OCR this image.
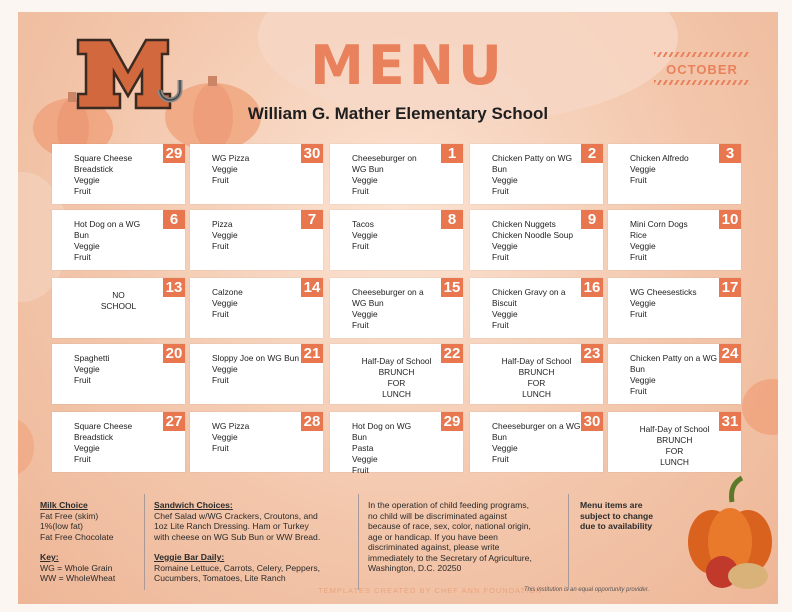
MENU	OCTOBER
William G. Mather Elementary School
29
Square Cheese
Breadstick
Veggie
Fruit
30
WG Pizza
Veggie
Fruit
1
Cheeseburger on
WG Bun
Veggie
Fruit
2
Chicken Patty on WG
Bun
Veggie
Fruit
3
Chicken Alfredo
Veggie
Fruit
6
Hot Dog on a WG
Bun
Veggie
Fruit
7
Pizza
Veggie
Fruit
8
Tacos
Veggie
Fruit
9
Chicken Nuggets
Chicken Noodle Soup
Veggie
Fruit
10
Mini Corn Dogs
Rice
Veggie
Fruit
13
NO
SCHOOL
14
Calzone
Veggie
Fruit
15
Cheeseburger on a
WG Bun
Veggie
Fruit
16
Chicken Gravy on a
Biscuit
Veggie
Fruit
17
WG Cheesesticks
Veggie
Fruit
20
Spaghetti
Veggie
Fruit
21
Sloppy Joe on WG Bun
Veggie
Fruit
22
Half-Day of School
BRUNCH
FOR
LUNCH
23
Half-Day of School
BRUNCH
FOR
LUNCH
24
Chicken Patty on a WG
Bun
Veggie
Fruit
27
Square Cheese
Breadstick
Veggie
Fruit
28
WG Pizza
Veggie
Fruit
29
Hot Dog on WG
Bun
Pasta
Veggie
Fruit
30
Cheeseburger on a WG
Bun
Veggie
Fruit
31
Half-Day of School
BRUNCH
FOR
LUNCH
Milk Choice
Fat Free (skim)
1%(low fat)
Fat Free Chocolate
Key:
WG = Whole Grain
WW = WholeWheat
Sandwich Choices:
Chef Salad w/WG Crackers, Croutons, and
1oz Lite Ranch Dressing. Ham or Turkey
with cheese on WG Sub Bun or WW Bread.
Veggie Bar Daily:
Romaine Lettuce, Carrots, Celery, Peppers,
Cucumbers, Tomatoes, Lite Ranch
In the operation of child feeding programs,
no child will be discriminated against
because of race, sex, color, national origin,
age or handicap. If you have been
discriminated against, please write
immediately to the Secretary of Agriculture,
Washington, D.C. 20250
Menu items are
subject to change
due to availability
TEMPLATES CREATED BY CHEF ANN FOUNDATION
This institution is an equal opportunity provider.
